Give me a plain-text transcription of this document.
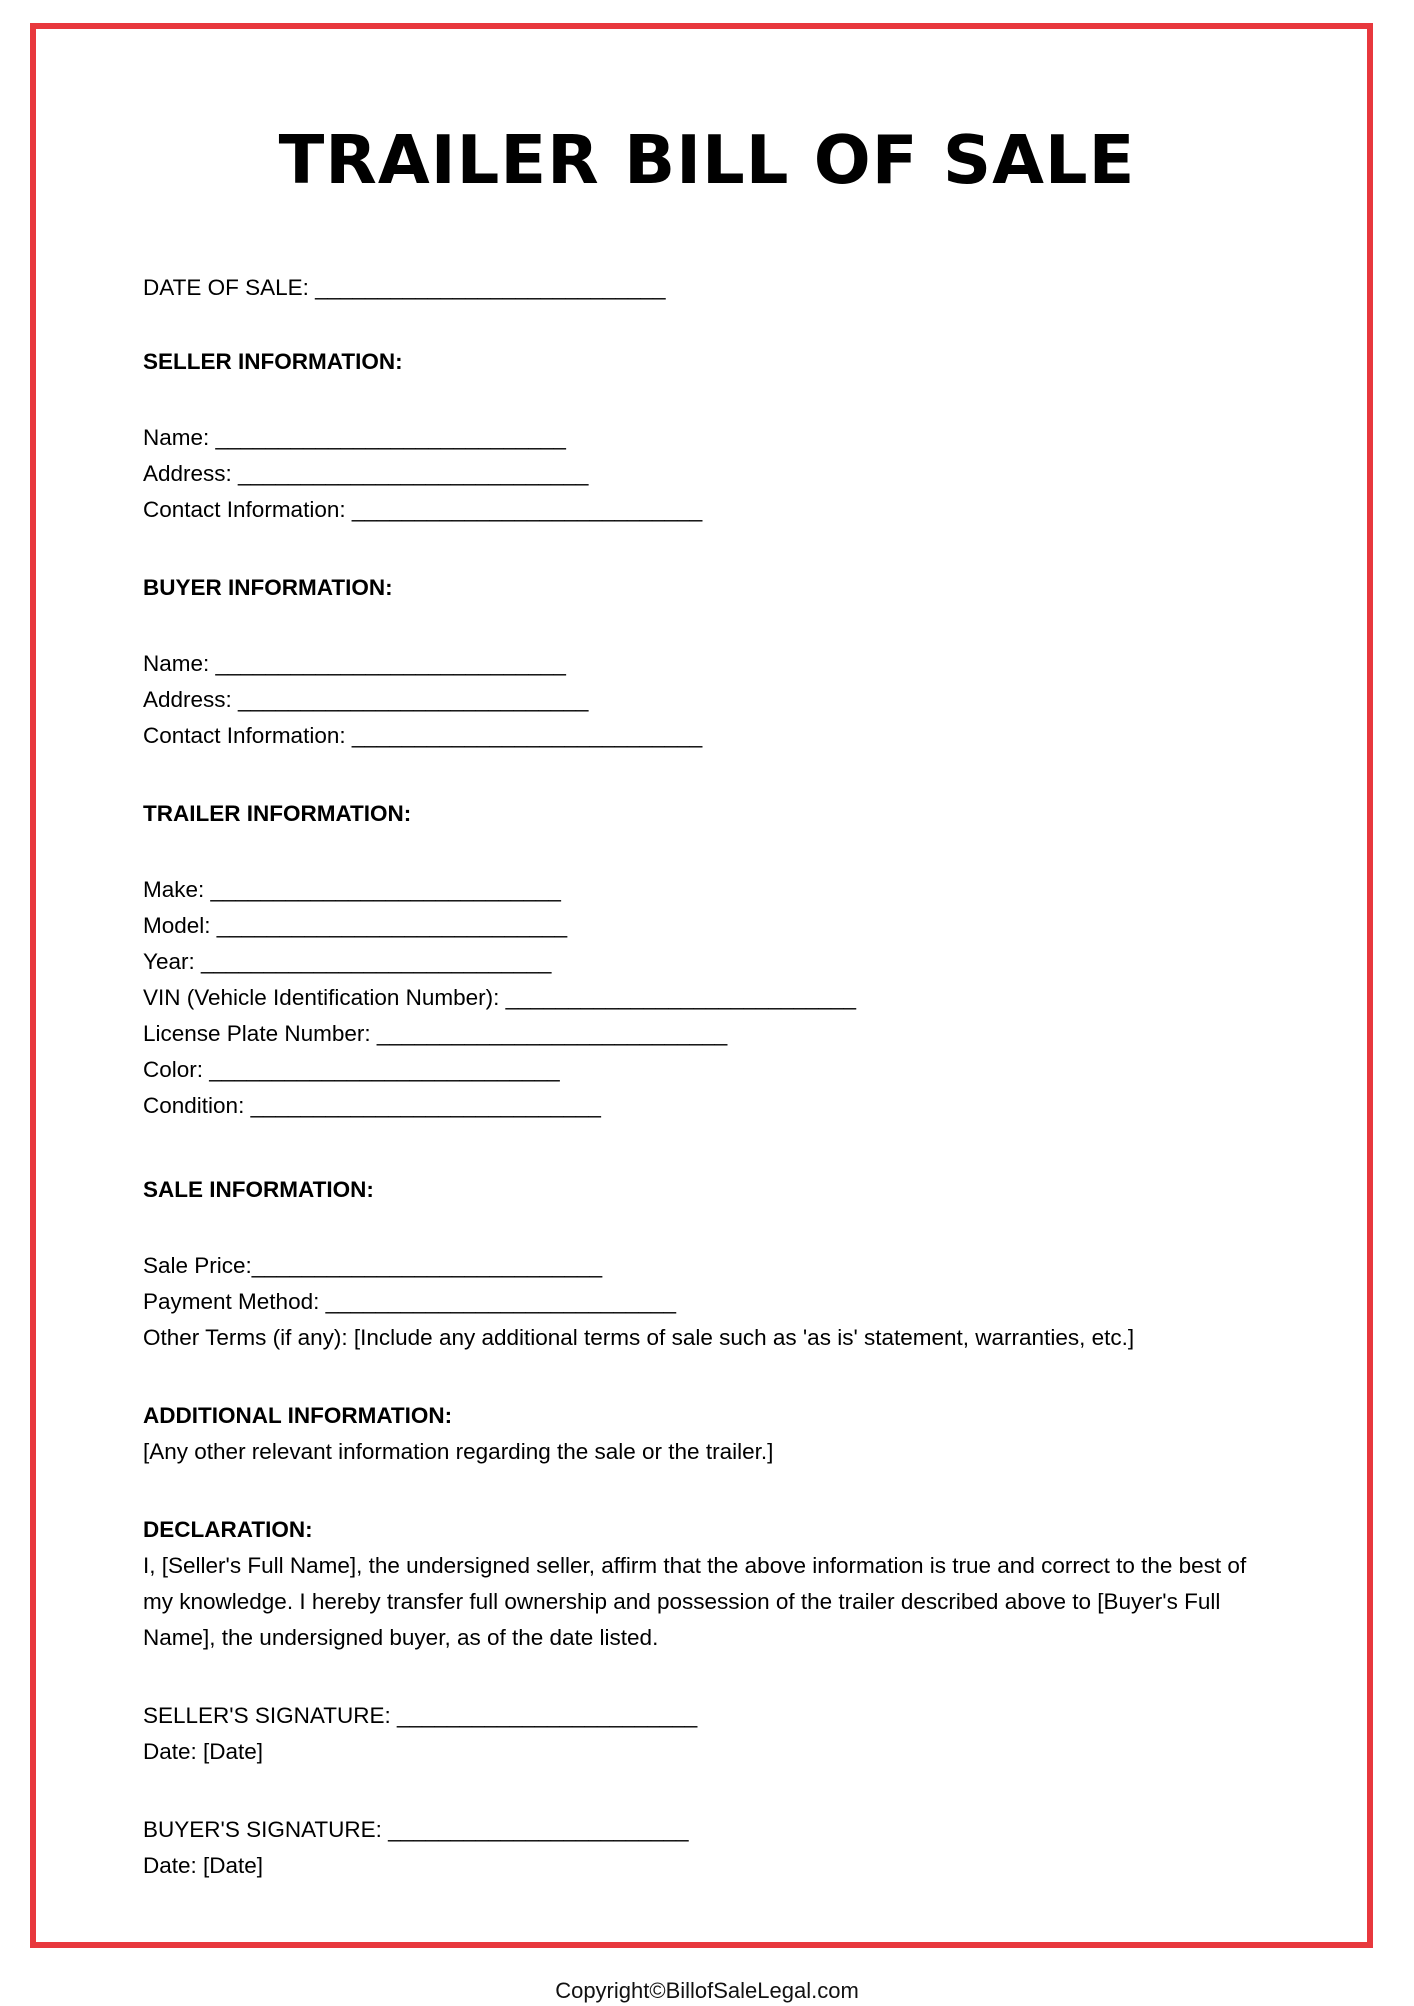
TRAILER BILL OF SALE
DATE OF SALE: ____________________________
SELLER INFORMATION:
Name: ____________________________
Address: ____________________________
Contact Information: ____________________________
BUYER INFORMATION:
Name: ____________________________
Address: ____________________________
Contact Information: ____________________________
TRAILER INFORMATION:
Make: ____________________________
Model: ____________________________
Year: ____________________________
VIN (Vehicle Identification Number): ____________________________
License Plate Number: ____________________________
Color: ____________________________
Condition: ____________________________
SALE INFORMATION:
Sale Price:____________________________
Payment Method: ____________________________
Other Terms (if any): [Include any additional terms of sale such as 'as is' statement, warranties, etc.]
ADDITIONAL INFORMATION:
[Any other relevant information regarding the sale or the trailer.]
DECLARATION:
I, [Seller's Full Name], the undersigned seller, affirm that the above information is true and correct to the best of my knowledge. I hereby transfer full ownership and possession of the trailer described above to [Buyer's Full Name], the undersigned buyer, as of the date listed.
SELLER'S SIGNATURE: ________________________
Date: [Date]
BUYER'S SIGNATURE: ________________________
Date: [Date]
Copyright©BillofSaleLegal.com
